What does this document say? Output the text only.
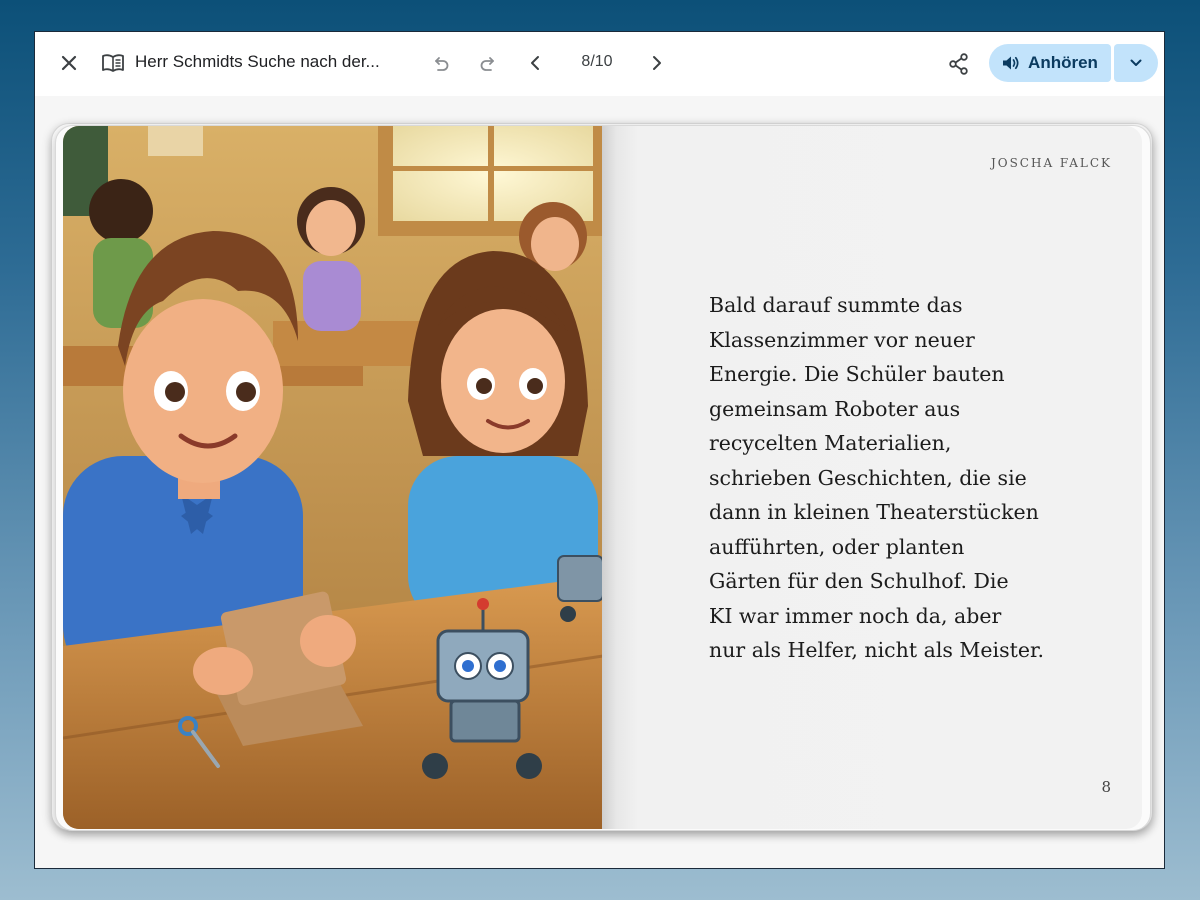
Herr Schmidts Suche nach der...	8/10	Anhören
JOSCHA FALCK
Bald darauf summte das
Klassenzimmer vor neuer
Energie. Die Schüler bauten
gemeinsam Roboter aus
recycelten Materialien,
schrieben Geschichten, die sie
dann in kleinen Theaterstücken
aufführten, oder planten
Gärten für den Schulhof. Die
KI war immer noch da, aber
nur als Helfer, nicht als Meister.
8
